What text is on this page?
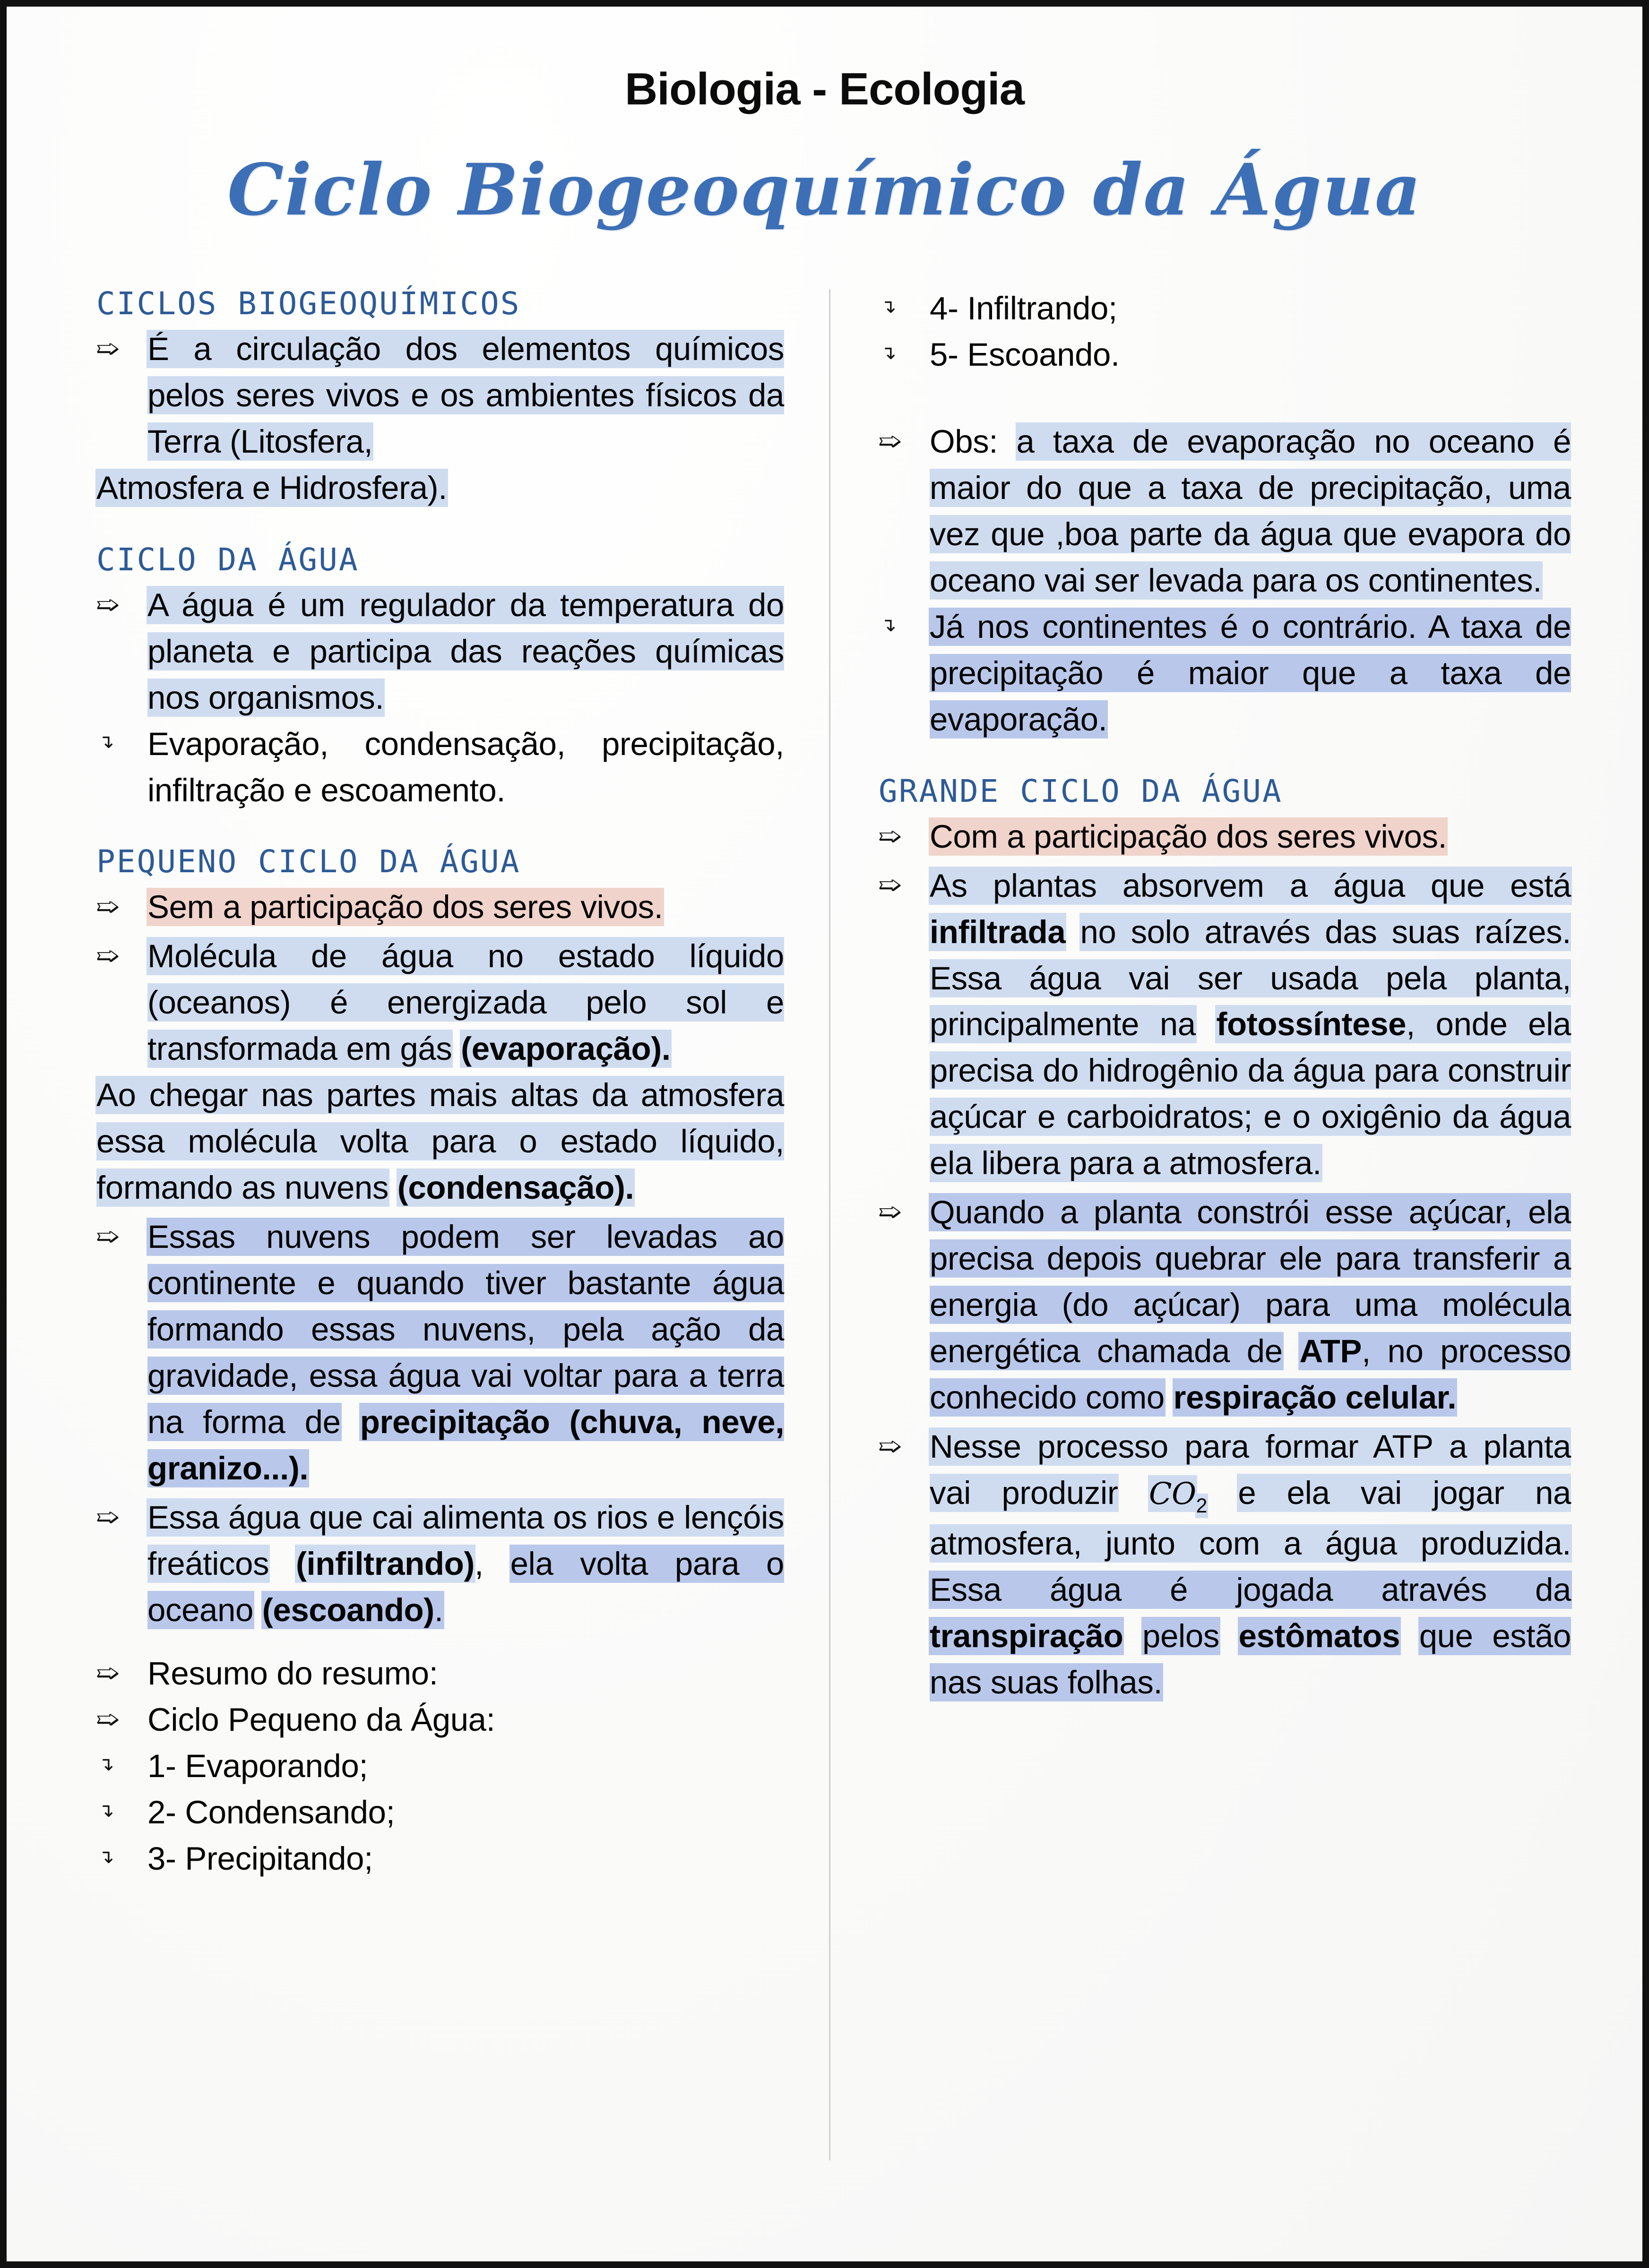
Biologia - Ecologia
Ciclo Biogeoquímico da Água
CICLOS BIOGEOQUÍMICOS

➯ É a circulação dos elementos químicos pelos seres vivos e os ambientes físicos da Terra (Litosfera,

Atmosfera e Hidrosfera).

CICLO DA ÁGUA

➯ A água é um regulador da temperatura do planeta e participa das reações químicas nos organismos.

↴ Evaporação, condensação, precipitação, infiltração e escoamento.

PEQUENO CICLO DA ÁGUA

➯ Sem a participação dos seres vivos.

➯ Molécula de água no estado líquido (oceanos) é energizada pelo sol e transformada em gás (evaporação).

Ao chegar nas partes mais altas da atmosfera essa molécula volta para o estado líquido, formando as nuvens (condensação).

➯ Essas nuvens podem ser levadas ao continente e quando tiver bastante água formando essas nuvens, pela ação da gravidade, essa água vai voltar para a terra na forma de precipitação (chuva, neve, granizo...).

➯ Essa água que cai alimenta os rios e lençóis freáticos (infiltrando), ela volta para o oceano (escoando).

➯ Resumo do resumo:

➯ Ciclo Pequeno da Água:

↴ 1- Evaporando;

↴ 2- Condensando;

↴ 3- Precipitando;

↴ 4- Infiltrando;

↴ 5- Escoando.

➯ Obs: a taxa de evaporação no oceano é maior do que a taxa de precipitação, uma vez que ,boa parte da água que evapora do oceano vai ser levada para os continentes.

↴ Já nos continentes é o contrário. A taxa de precipitação é maior que a taxa de evaporação.

GRANDE CICLO DA ÁGUA

➯ Com a participação dos seres vivos.

➯ As plantas absorvem a água que está infiltrada no solo através das suas raízes. Essa água vai ser usada pela planta, principalmente na fotossíntese, onde ela precisa do hidrogênio da água para construir açúcar e carboidratos; e o oxigênio da água ela libera para a atmosfera.

➯ Quando a planta constrói esse açúcar, ela precisa depois quebrar ele para transferir a energia (do açúcar) para uma molécula energética chamada de ATP, no processo conhecido como respiração celular.

➯ Nesse processo para formar ATP a planta vai produzir $CO_2$ e ela vai jogar na atmosfera, junto com a água produzida. Essa água é jogada através da transpiração pelos estômatos que estão nas suas folhas.
